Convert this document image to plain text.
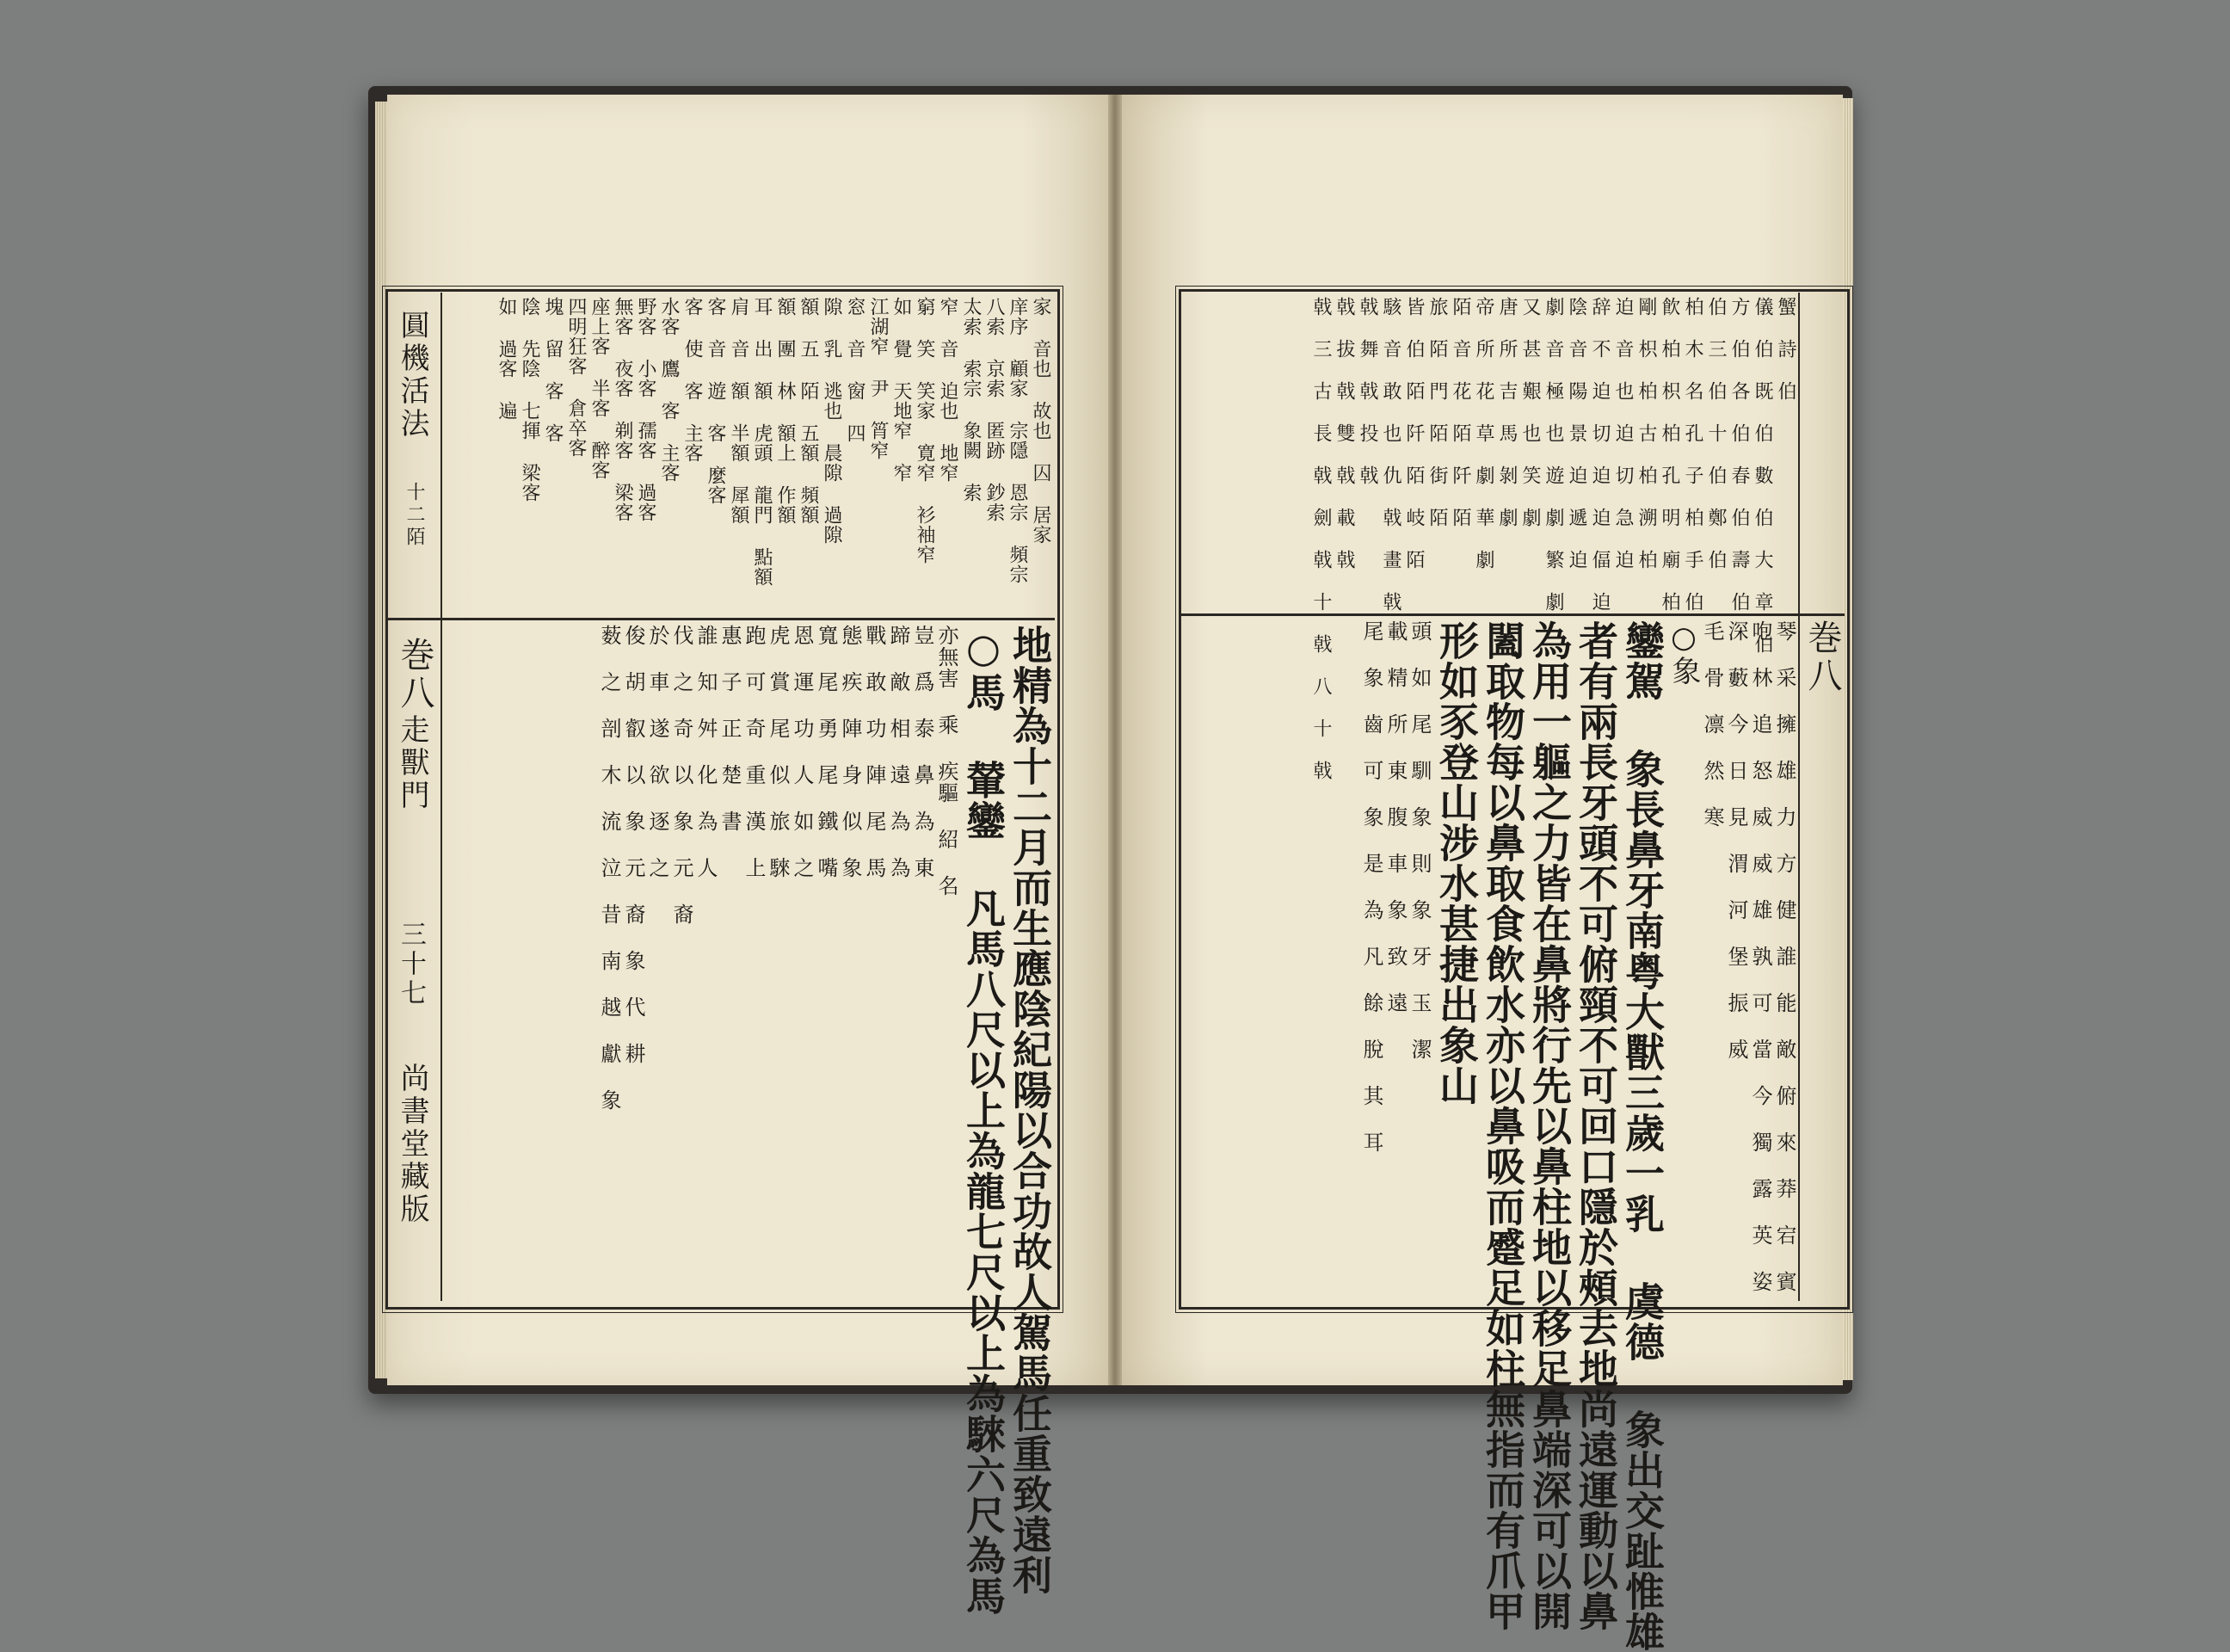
圓機活法
十二陌
巻八
走獸門
三十七
尚書堂藏版
家 音也 故也 囚 居家
庠序 顧家 宗隱 恩宗 頻宗
八索 京索 匿跡 鈔索
太索 索宗 象闕 索
窄 音 迫也 地窄
窮 笑 笑家 寛窄 衫袖窄
如 覺 天地窄 窄
江湖窄 尹 筲窄
窓 音 窗 四
隙 乳 逃也 晨隙 過隙
額 五 陌 五額 頻額
額 團 林 額上 作額
耳 出 額 虎頭 龍門 點額
肩 音 額 半額 犀額
客 音 遊 客 麼客
客 使 客 主客
水客 鷹 客 主客
野客 小客 孺客 過客
無客 夜客 剃客 梁客
座上客 半客 醉客
四明狂客 倉卒客
塊 留 客 客
陰 先陰 七揮 梁客
如 過客 遍
地精為十二月而生應陰紀陽以合功故人駕馬任重致遠利
○馬 輦鑾 凡馬八尺以上為龍七尺以上為騋六尺為馬
亦無害 乘 疾驅 紹 名
豈 爲 泰 鼻 為 東
蹄 敵 相 遠 為 為
戰 敢 功 陣 尾 馬
態 疾 陣 身 似 象
寬 尾 勇 尾 鐵 嘴
恩 運 功 人 如 之
虎 賞 尾 似 旅 騋
跑 可 奇 重 漢 上
惠 子 正 楚 書
誰 知 舛 化 為 人
伐 之 奇 以 象 元 裔
於 車 遂 欲 逐 之
俊 胡 叡 以 象 元 裔 象 代 耕
薮 之 剖 木 流 泣 昔 南 越 獻 象	巻八
蟹 詩 伯
儀 伯 既 伯 數 伯 大 章 伯
方 伯 各 伯 春 伯 壽 伯
伯 三 伯 十 伯 鄭 伯
柏 木 名 孔 子 柏 手 伯
飮 柏 枳 柏 孔 明 廟 柏
剛 枳 柏 古 柏 溯 柏
迫 音 也 迫 切 急 迫
辞 不 迫 切 迫 迫 偪 迫
陰 音 陽 景 迫 遞 迫
劇 音 極 也 遊 劇 繁 劇
又 甚 艱 也 笑 劇
唐 所 吉 馬 剝 劇
帝 所 花 草 劇 華 劇
陌 音 花 陌 阡 陌
旅 陌 門 陌 街 陌
皆 伯 陌 阡 陌 岐 陌
駭 音 敢 也 仇 戟 畫 戟
戟 舞 戟 投 戟
戟 拔 戟 雙 戟 載 戟
戟 三 古 長 戟 劍 戟 十 戟 八 十 戟
琴 采 擁 雄 力 方 健 誰 能 敵 俯 來 莽 宕 賓
咆 林 追 怒 威 威 雄 孰 可 當 今 獨 露 英 姿
深 藪 今 日 見 渭 河 堡 振 威
毛 骨 凛 然 寒
○象
鑾駕 象長鼻牙南粤大獸三歲一乳 虞德 象出交趾惟雄
者有兩長牙頭不可俯頸不可回口隱於頰去地尚遠運動以鼻
為用一軀之力皆在鼻將行先以鼻柱地以移足鼻端深可以開
闔取物每以鼻取食飲水亦以鼻吸而蹙足如柱無指而有爪甲
形如豕登山涉水甚捷出象山
頭 如 尾 馴 象 則 象 牙 玉 潔
載 精 所 東 腹 車 象 致 遠
尾 象 齒 可 象 是 為 凡 餘 脫 其 耳
